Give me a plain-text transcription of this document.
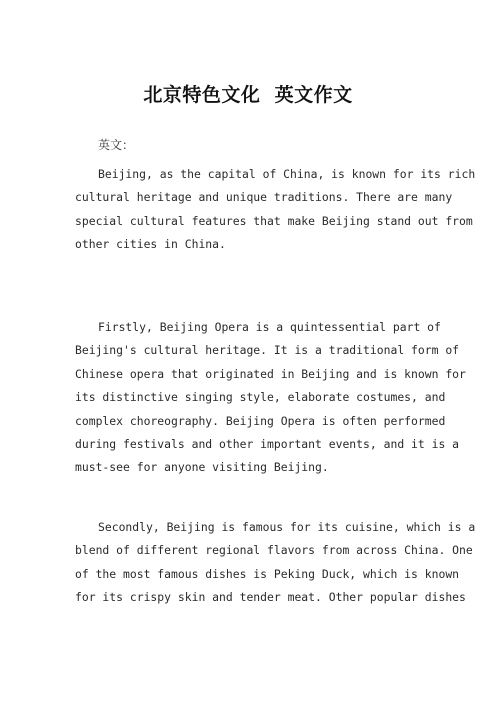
北京特色文化  英文作文
英文：
Beijing, as the capital of China, is known for its rich
cultural heritage and unique traditions. There are many
special cultural features that make Beijing stand out from
other cities in China.
Firstly, Beijing Opera is a quintessential part of
Beijing's cultural heritage. It is a traditional form of
Chinese opera that originated in Beijing and is known for
its distinctive singing style, elaborate costumes, and
complex choreography. Beijing Opera is often performed
during festivals and other important events, and it is a
must-see for anyone visiting Beijing.
Secondly, Beijing is famous for its cuisine, which is a
blend of different regional flavors from across China. One
of the most famous dishes is Peking Duck, which is known
for its crispy skin and tender meat. Other popular dishes
